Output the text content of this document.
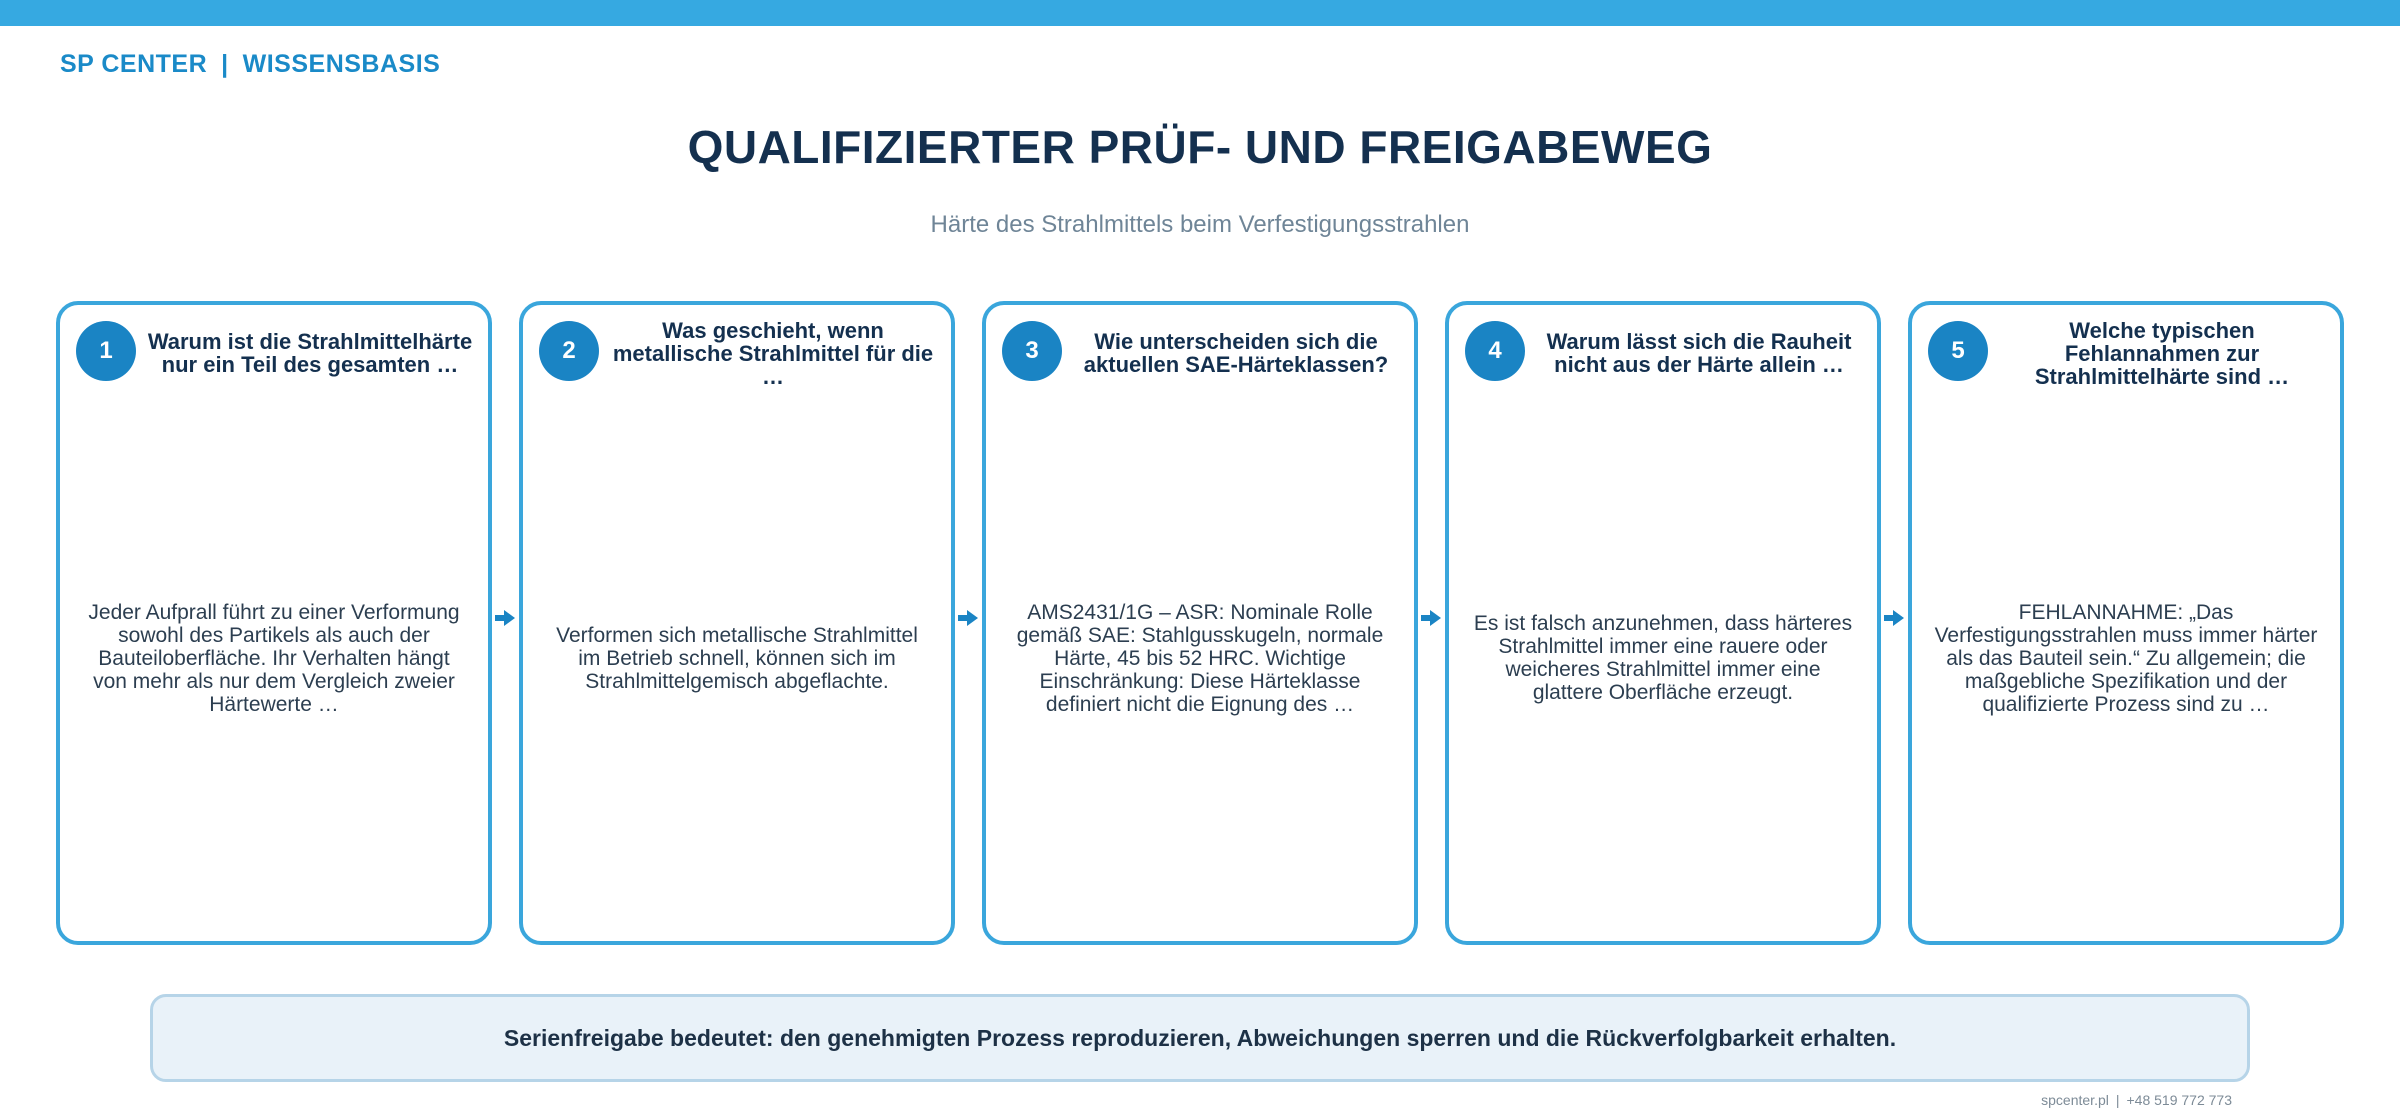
SP CENTER | WISSENSBASIS
QUALIFIZIERTER PRÜF- UND FREIGABEWEG
Härte des Strahlmittels beim Verfestigungsstrahlen
1	Warum ist die Strahlmittelhärte nur ein Teil des gesamten …
Jeder Aufprall führt zu einer Verformung sowohl des Partikels als auch der Bauteiloberfläche. Ihr Verhalten hängt von mehr als nur dem Vergleich zweier Härtewerte …
2
Was geschieht, wenn metallische Strahlmittel für die …
Verformen sich metallische Strahlmittel im Betrieb schnell, können sich im Strahlmittelgemisch abgeflachte.
3	Wie unterscheiden sich die aktuellen SAE-Härteklassen?
AMS2431/1G – ASR: Nominale Rolle gemäß SAE: Stahlgusskugeln, normale Härte, 45 bis 52 HRC. Wichtige Einschränkung: Diese Härteklasse definiert nicht die Eignung des …
4	Warum lässt sich die Rauheit nicht aus der Härte allein …
Es ist falsch anzunehmen, dass härteres Strahlmittel immer eine rauere oder weicheres Strahlmittel immer eine glattere Oberfläche erzeugt.
5
Welche typischen Fehlannahmen zur Strahlmittelhärte sind …
FEHLANNAHME: „Das Verfestigungsstrahlen muss immer härter als das Bauteil sein.“ Zu allgemein; die maßgebliche Spezifikation und der qualifizierte Prozess sind zu …
Serienfreigabe bedeutet: den genehmigten Prozess reproduzieren, Abweichungen sperren und die Rückverfolgbarkeit erhalten.
spcenter.pl | +48 519 772 773
